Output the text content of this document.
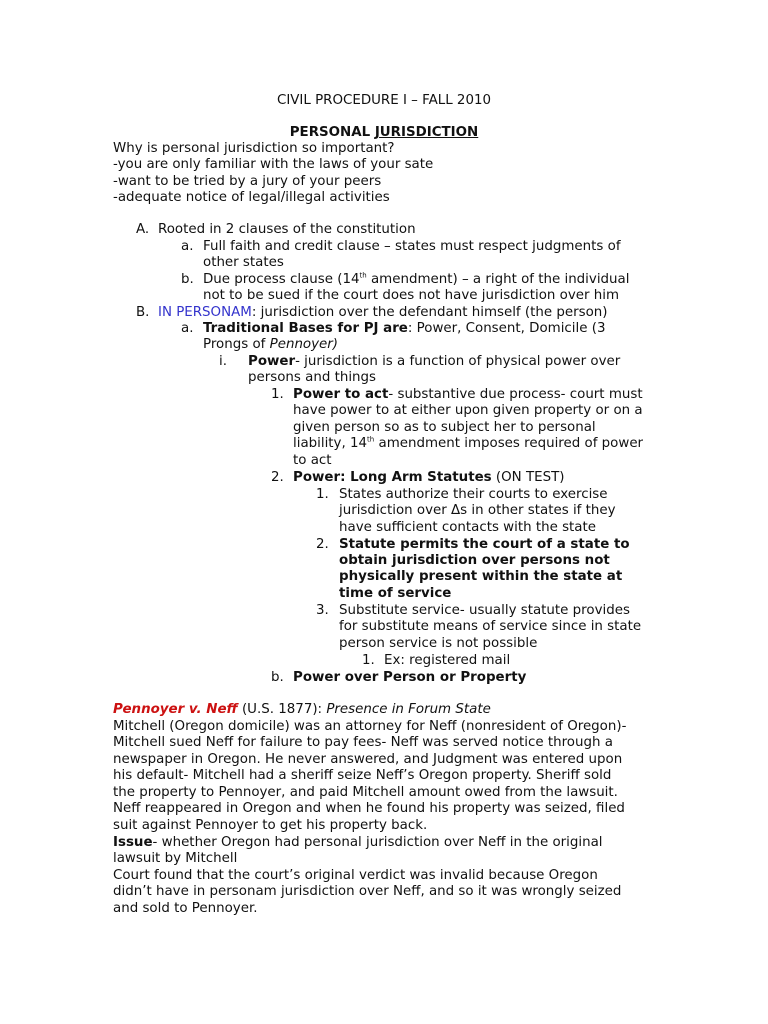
CIVIL PROCEDURE I – FALL 2010
PERSONAL JURISDICTION
Why is personal jurisdiction so important?
-you are only familiar with the laws of your sate
-want to be tried by a jury of your peers
-adequate notice of legal/illegal activities
A. Rooted in 2 clauses of the constitution
a. Full faith and credit clause – states must respect judgments of
other states
b. Due process clause (14th amendment) – a right of the individual
not to be sued if the court does not have jurisdiction over him
B. IN PERSONAM: jurisdiction over the defendant himself (the person)
a. Traditional Bases for PJ are: Power, Consent, Domicile (3
Prongs of Pennoyer)
i. Power- jurisdiction is a function of physical power over
persons and things
1. Power to act- substantive due process- court must
have power to at either upon given property or on a
given person so as to subject her to personal
liability, 14th amendment imposes required of power
to act
2. Power: Long Arm Statutes (ON TEST)
1. States authorize their courts to exercise
jurisdiction over Δs in other states if they
have sufficient contacts with the state
2. Statute permits the court of a state to
obtain jurisdiction over persons not
physically present within the state at
time of service
3. Substitute service- usually statute provides
for substitute means of service since in state
person service is not possible
1. Ex: registered mail
b. Power over Person or Property
Pennoyer v. Neff (U.S. 1877): Presence in Forum State
Mitchell (Oregon domicile) was an attorney for Neff (nonresident of Oregon)-
Mitchell sued Neff for failure to pay fees- Neff was served notice through a
newspaper in Oregon. He never answered, and Judgment was entered upon
his default- Mitchell had a sheriff seize Neff’s Oregon property. Sheriff sold
the property to Pennoyer, and paid Mitchell amount owed from the lawsuit.
Neff reappeared in Oregon and when he found his property was seized, filed
suit against Pennoyer to get his property back.
Issue- whether Oregon had personal jurisdiction over Neff in the original
lawsuit by Mitchell
Court found that the court’s original verdict was invalid because Oregon
didn’t have in personam jurisdiction over Neff, and so it was wrongly seized
and sold to Pennoyer.
